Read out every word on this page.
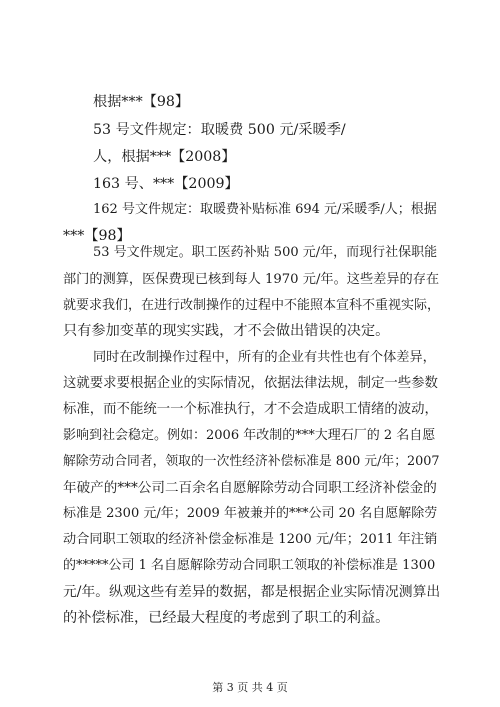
根据***【98】
53 号文件规定：取暖费 500 元/采暖季/
人，根据***【2008】
163 号、***【2009】
162 号文件规定：取暖费补贴标准 694 元/采暖季/人；根据
***【98】
53 号文件规定。职工医药补贴 500 元/年，而现行社保职能
部门的测算，医保费现已核到每人 1970 元/年。这些差异的存在
就要求我们，在进行改制操作的过程中不能照本宣科不重视实际，
只有参加变革的现实实践，才不会做出错误的决定。
同时在改制操作过程中，所有的企业有共性也有个体差异，
这就要求要根据企业的实际情况，依据法律法规，制定一些参数
标准，而不能统一一个标准执行，才不会造成职工情绪的波动，
影响到社会稳定。例如：2006 年改制的***大理石厂的 2 名自愿
解除劳动合同者，领取的一次性经济补偿标准是 800 元/年；2007
年破产的***公司二百余名自愿解除劳动合同职工经济补偿金的
标准是 2300 元/年；2009 年被兼并的***公司 20 名自愿解除劳
动合同职工领取的经济补偿金标准是 1200 元/年；2011 年注销
的*****公司 1 名自愿解除劳动合同职工领取的补偿标准是 1300
元/年。纵观这些有差异的数据，都是根据企业实际情况测算出
的补偿标准，已经最大程度的考虑到了职工的利益。
第 3 页 共 4 页
